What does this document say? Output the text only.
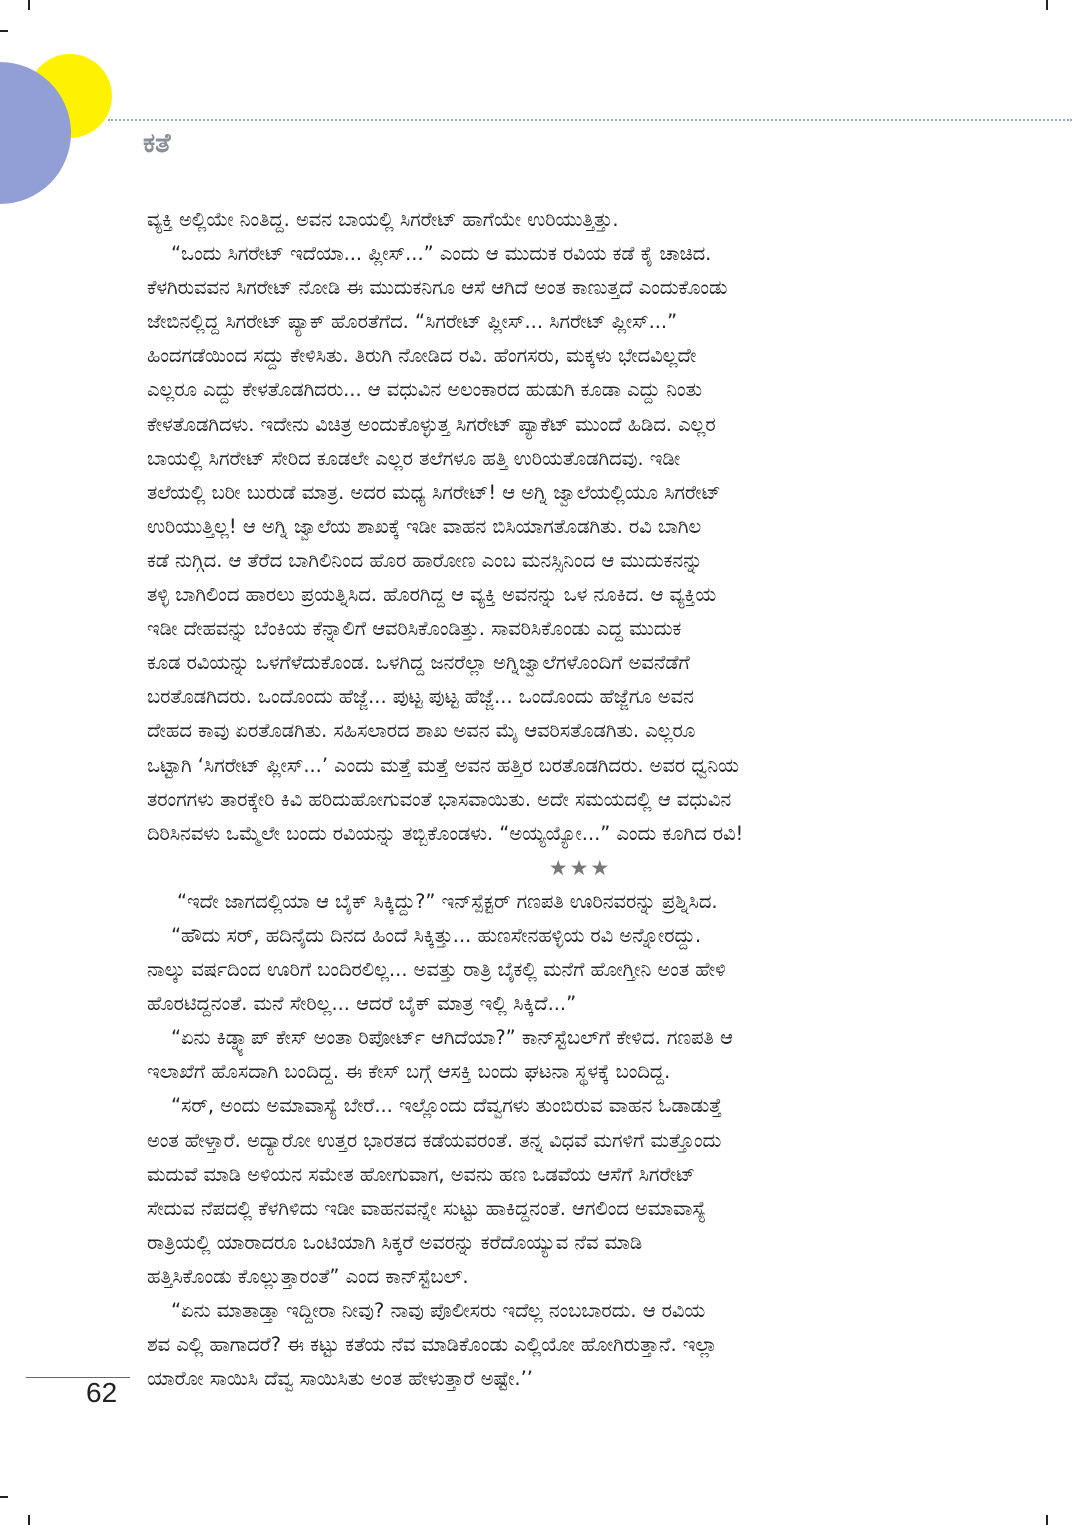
ಕತೆ

ವ್ಯಕ್ತಿ ಅಲ್ಲಿಯೇ ನಿಂತಿದ್ದ. ಅವನ ಬಾಯಲ್ಲಿ ಸಿಗರೇಟ್ ಹಾಗೆಯೇ ಉರಿಯುತ್ತಿತ್ತು.

“ಒಂದು ಸಿಗರೇಟ್ ಇದೆಯಾ... ಪ್ಲೀಸ್...” ಎಂದು ಆ ಮುದುಕ ರವಿಯ ಕಡೆ ಕೈ ಚಾಚಿದ.

ಕೆಳಗಿರುವವನ ಸಿಗರೇಟ್ ನೋಡಿ ಈ ಮುದುಕನಿಗೂ ಆಸೆ ಆಗಿದೆ ಅಂತ ಕಾಣುತ್ತದೆ ಎಂದುಕೊಂಡು

ಜೇಬಿನಲ್ಲಿದ್ದ ಸಿಗರೇಟ್ ಪ್ಯಾಕ್ ಹೊರತೆಗೆದ. “ಸಿಗರೇಟ್ ಪ್ಲೀಸ್... ಸಿಗರೇಟ್ ಪ್ಲೀಸ್...”

ಹಿಂದಗಡೆಯಿಂದ ಸದ್ದು ಕೇಳಿಸಿತು. ತಿರುಗಿ ನೋಡಿದ ರವಿ. ಹೆಂಗಸರು, ಮಕ್ಕಳು ಭೇದವಿಲ್ಲದೇ

ಎಲ್ಲರೂ ಎದ್ದು ಕೇಳತೊಡಗಿದರು... ಆ ವಧುವಿನ ಅಲಂಕಾರದ ಹುಡುಗಿ ಕೂಡಾ ಎದ್ದು ನಿಂತು

ಕೇಳತೊಡಗಿದಳು. ಇದೇನು ವಿಚಿತ್ರ ಅಂದುಕೊಳ್ಳುತ್ತ ಸಿಗರೇಟ್ ಪ್ಯಾಕೆಟ್ ಮುಂದೆ ಹಿಡಿದ. ಎಲ್ಲರ

ಬಾಯಲ್ಲಿ ಸಿಗರೇಟ್ ಸೇರಿದ ಕೂಡಲೇ ಎಲ್ಲರ ತಲೆಗಳೂ ಹತ್ತಿ ಉರಿಯತೊಡಗಿದವು. ಇಡೀ

ತಲೆಯಲ್ಲಿ ಬರೀ ಬುರುಡೆ ಮಾತ್ರ. ಅದರ ಮಧ್ಯ ಸಿಗರೇಟ್! ಆ ಅಗ್ನಿ ಜ್ವಾಲೆಯಲ್ಲಿಯೂ ಸಿಗರೇಟ್

ಉರಿಯುತ್ತಿಲ್ಲ! ಆ ಅಗ್ನಿ ಜ್ವಾಲೆಯ ಶಾಖಕ್ಕೆ ಇಡೀ ವಾಹನ ಬಿಸಿಯಾಗತೊಡಗಿತು. ರವಿ ಬಾಗಿಲ

ಕಡೆ ನುಗ್ಗಿದ. ಆ ತೆರೆದ ಬಾಗಿಲಿನಿಂದ ಹೊರ ಹಾರೋಣ ಎಂಬ ಮನಸ್ಸಿನಿಂದ ಆ ಮುದುಕನನ್ನು

ತಳ್ಳಿ ಬಾಗಿಲಿಂದ ಹಾರಲು ಪ್ರಯತ್ನಿಸಿದ. ಹೊರಗಿದ್ದ ಆ ವ್ಯಕ್ತಿ ಅವನನ್ನು ಒಳ ನೂಕಿದ. ಆ ವ್ಯಕ್ತಿಯ

ಇಡೀ ದೇಹವನ್ನು ಬೆಂಕಿಯ ಕೆನ್ನಾಲಿಗೆ ಆವರಿಸಿಕೊಂಡಿತ್ತು. ಸಾವರಿಸಿಕೊಂಡು ಎದ್ದ ಮುದುಕ

ಕೂಡ ರವಿಯನ್ನು ಒಳಗೆಳೆದುಕೊಂಡ. ಒಳಗಿದ್ದ ಜನರೆಲ್ಲಾ ಅಗ್ನಿಜ್ವಾಲೆಗಳೊಂದಿಗೆ ಅವನೆಡೆಗೆ

ಬರತೊಡಗಿದರು. ಒಂದೊಂದು ಹೆಜ್ಜೆ... ಪುಟ್ಟ ಪುಟ್ಟ ಹೆಜ್ಜೆ... ಒಂದೊಂದು ಹೆಜ್ಜೆಗೂ ಅವನ

ದೇಹದ ಕಾವು ಏರತೊಡಗಿತು. ಸಹಿಸಲಾರದ ಶಾಖ ಅವನ ಮೈ ಆವರಿಸತೊಡಗಿತು. ಎಲ್ಲರೂ

ಒಟ್ಟಾಗಿ ‘ಸಿಗರೇಟ್ ಪ್ಲೀಸ್...’ ಎಂದು ಮತ್ತೆ ಮತ್ತೆ ಅವನ ಹತ್ತಿರ ಬರತೊಡಗಿದರು. ಅವರ ಧ್ವನಿಯ

ತರಂಗಗಳು ತಾರಕ್ಕೇರಿ ಕಿವಿ ಹರಿದುಹೋಗುವಂತೆ ಭಾಸವಾಯಿತು. ಅದೇ ಸಮಯದಲ್ಲಿ ಆ ವಧುವಿನ

ದಿರಿಸಿನವಳು ಒಮ್ಮೆಲೇ ಬಂದು ರವಿಯನ್ನು ತಬ್ಬಿಕೊಂಡಳು. “ಅಯ್ಯಯ್ಯೋ...” ಎಂದು ಕೂಗಿದ ರವಿ!

★★★

“ಇದೇ ಜಾಗದಲ್ಲಿಯಾ ಆ ಬೈಕ್ ಸಿಕ್ಕಿದ್ದು?” ಇನ್‌ಸ್ಪೆಕ್ಟರ್ ಗಣಪತಿ ಊರಿನವರನ್ನು ಪ್ರಶ್ನಿಸಿದ.

“ಹೌದು ಸರ್, ಹದಿನೈದು ದಿನದ ಹಿಂದೆ ಸಿಕ್ಕಿತ್ತು... ಹುಣಸೇನಹಳ್ಳಿಯ ರವಿ ಅನ್ನೋರದ್ದು.

ನಾಲ್ಕು ವರ್ಷದಿಂದ ಊರಿಗೆ ಬಂದಿರಲಿಲ್ಲ... ಅವತ್ತು ರಾತ್ರಿ ಬೈಕಲ್ಲಿ ಮನೆಗೆ ಹೋಗ್ತೀನಿ ಅಂತ ಹೇಳಿ

ಹೊರಟಿದ್ದನಂತೆ. ಮನೆ ಸೇರಿಲ್ಲ... ಆದರೆ ಬೈಕ್ ಮಾತ್ರ ಇಲ್ಲಿ ಸಿಕ್ಕಿದೆ...”

“ಏನು ಕಿಡ್ನ್ಯಾಪ್ ಕೇಸ್ ಅಂತಾ ರಿಪೋರ್ಟ್ ಆಗಿದೆಯಾ?” ಕಾನ್‌ಸ್ಟೆಬಲ್‌ಗೆ ಕೇಳಿದ. ಗಣಪತಿ ಆ

ಇಲಾಖೆಗೆ ಹೊಸದಾಗಿ ಬಂದಿದ್ದ. ಈ ಕೇಸ್ ಬಗ್ಗೆ ಆಸಕ್ತಿ ಬಂದು ಘಟನಾ ಸ್ಥಳಕ್ಕೆ ಬಂದಿದ್ದ.

“ಸರ್, ಅಂದು ಅಮಾವಾಸ್ಯೆ ಬೇರೆ... ಇಲ್ಲೊಂದು ದೆವ್ವಗಳು ತುಂಬಿರುವ ವಾಹನ ಓಡಾಡುತ್ತೆ

ಅಂತ ಹೇಳ್ತಾರೆ. ಅದ್ಯಾರೋ ಉತ್ತರ ಭಾರತದ ಕಡೆಯವರಂತೆ. ತನ್ನ ವಿಧವೆ ಮಗಳಿಗೆ ಮತ್ತೊಂದು

ಮದುವೆ ಮಾಡಿ ಅಳಿಯನ ಸಮೇತ ಹೋಗುವಾಗ, ಅವನು ಹಣ ಒಡವೆಯ ಆಸೆಗೆ ಸಿಗರೇಟ್

ಸೇದುವ ನೆಪದಲ್ಲಿ ಕೆಳಗಿಳಿದು ಇಡೀ ವಾಹನವನ್ನೇ ಸುಟ್ಟು ಹಾಕಿದ್ದನಂತೆ. ಆಗಲಿಂದ ಅಮಾವಾಸ್ಯೆ

ರಾತ್ರಿಯಲ್ಲಿ ಯಾರಾದರೂ ಒಂಟಿಯಾಗಿ ಸಿಕ್ಕರೆ ಅವರನ್ನು ಕರೆದೊಯ್ಯುವ ನೆವ ಮಾಡಿ

ಹತ್ತಿಸಿಕೊಂಡು ಕೊಲ್ಲುತ್ತಾರಂತೆ” ಎಂದ ಕಾನ್‌ಸ್ಟೆಬಲ್.

“ಏನು ಮಾತಾಡ್ತಾ ಇದ್ದೀರಾ ನೀವು? ನಾವು ಪೊಲೀಸರು ಇದೆಲ್ಲ ನಂಬಬಾರದು. ಆ ರವಿಯ

ಶವ ಎಲ್ಲಿ ಹಾಗಾದರೆ? ಈ ಕಟ್ಟು ಕತೆಯ ನೆವ ಮಾಡಿಕೊಂಡು ಎಲ್ಲಿಯೋ ಹೋಗಿರುತ್ತಾನೆ. ಇಲ್ಲಾ

ಯಾರೋ ಸಾಯಿಸಿ ದೆವ್ವ ಸಾಯಿಸಿತು ಅಂತ ಹೇಳುತ್ತಾರೆ ಅಷ್ಟೇ.’’

62
